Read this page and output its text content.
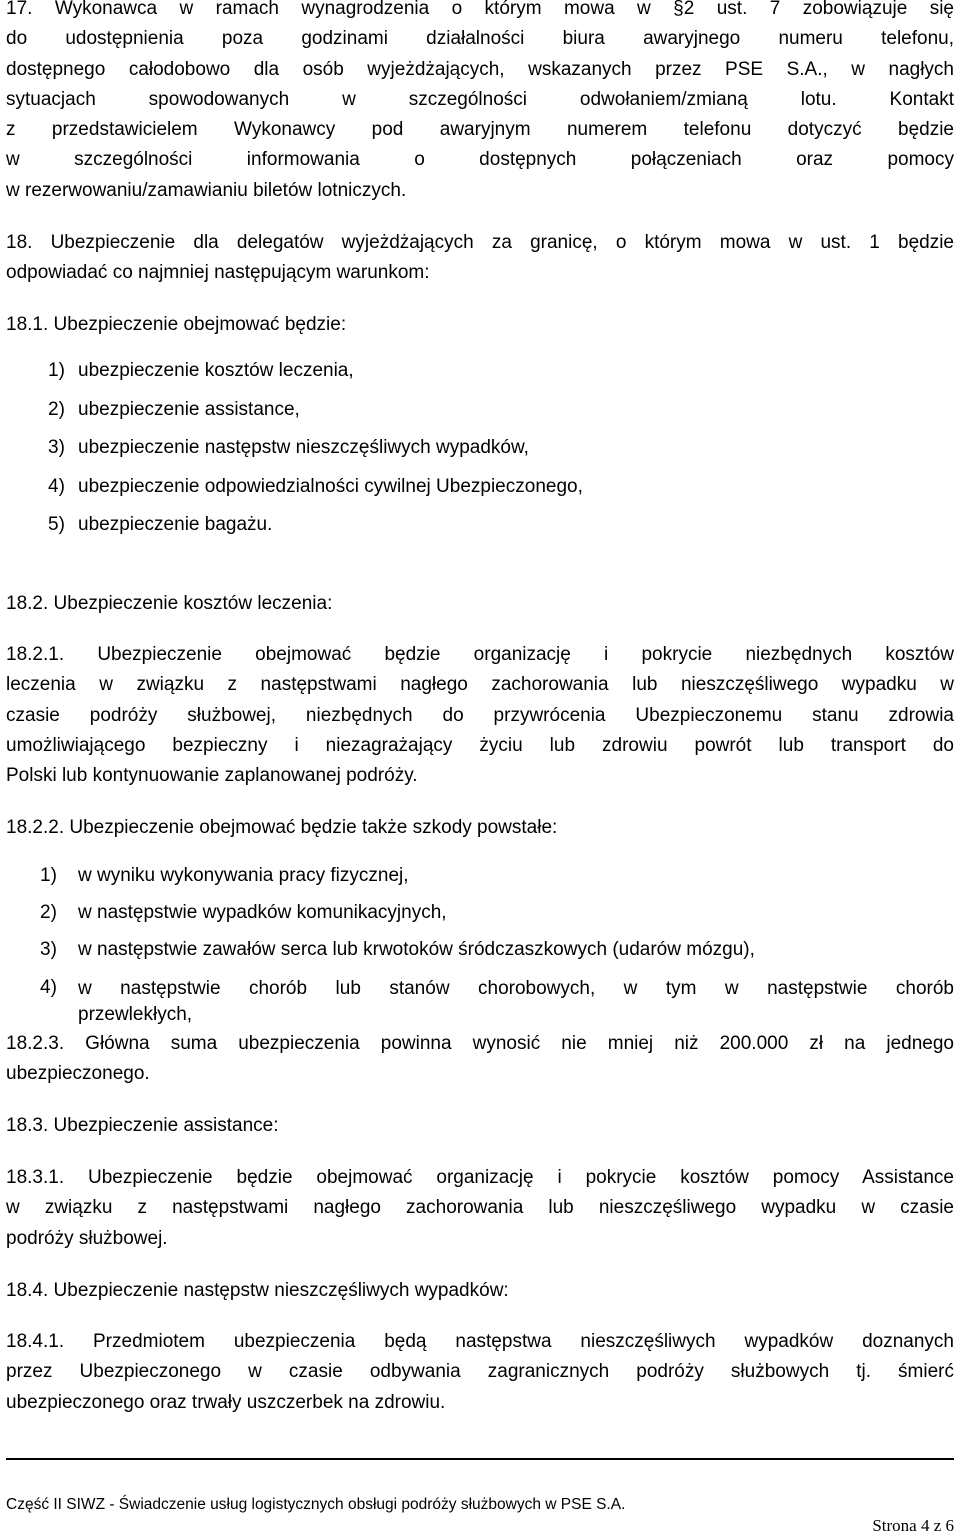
17. Wykonawca w ramach wynagrodzenia o którym mowa w §2 ust. 7 zobowiązuje się
do udostępnienia poza godzinami działalności biura awaryjnego numeru telefonu,
dostępnego całodobowo dla osób wyjeżdżających, wskazanych przez PSE S.A., w nagłych
sytuacjach spowodowanych w szczególności odwołaniem/zmianą lotu. Kontakt
z przedstawicielem Wykonawcy pod awaryjnym numerem telefonu dotyczyć będzie
w szczególności informowania o dostępnych połączeniach oraz pomocy
w rezerwowaniu/zamawianiu biletów lotniczych.

18. Ubezpieczenie dla delegatów wyjeżdżających za granicę, o którym mowa w ust. 1 będzie
odpowiadać co najmniej następującym warunkom:

18.1. Ubezpieczenie obejmować będzie:

1) ubezpieczenie kosztów leczenia,
2) ubezpieczenie assistance,
3) ubezpieczenie następstw nieszczęśliwych wypadków,
4) ubezpieczenie odpowiedzialności cywilnej Ubezpieczonego,
5) ubezpieczenie bagażu.

18.2. Ubezpieczenie kosztów leczenia:

18.2.1. Ubezpieczenie obejmować będzie organizację i pokrycie niezbędnych kosztów
leczenia w związku z następstwami nagłego zachorowania lub nieszczęśliwego wypadku w
czasie podróży służbowej, niezbędnych do przywrócenia Ubezpieczonemu stanu zdrowia
umożliwiającego bezpieczny i niezagrażający życiu lub zdrowiu powrót lub transport do
Polski lub kontynuowanie zaplanowanej podróży.

18.2.2. Ubezpieczenie obejmować będzie także szkody powstałe:

1)	w wyniku wykonywania pracy fizycznej,
2)	w następstwie wypadków komunikacyjnych,
3)	w następstwie zawałów serca lub krwotoków śródczaszkowych (udarów mózgu),
4)	w następstwie chorób lub stanów chorobowych, w tym w następstwie chorób
przewlekłych,

18.2.3. Główna suma ubezpieczenia powinna wynosić nie mniej niż 200.000 zł na jednego
ubezpieczonego.

18.3. Ubezpieczenie assistance:

18.3.1. Ubezpieczenie będzie obejmować organizację i pokrycie kosztów pomocy Assistance
w związku z następstwami nagłego zachorowania lub nieszczęśliwego wypadku w czasie
podróży służbowej.

18.4. Ubezpieczenie następstw nieszczęśliwych wypadków:

18.4.1. Przedmiotem ubezpieczenia będą następstwa nieszczęśliwych wypadków doznanych
przez Ubezpieczonego w czasie odbywania zagranicznych podróży służbowych tj. śmierć
ubezpieczonego oraz trwały uszczerbek na zdrowiu.

Część II SIWZ - Świadczenie usług logistycznych obsługi podróży służbowych w PSE S.A.
Strona 4 z 6
